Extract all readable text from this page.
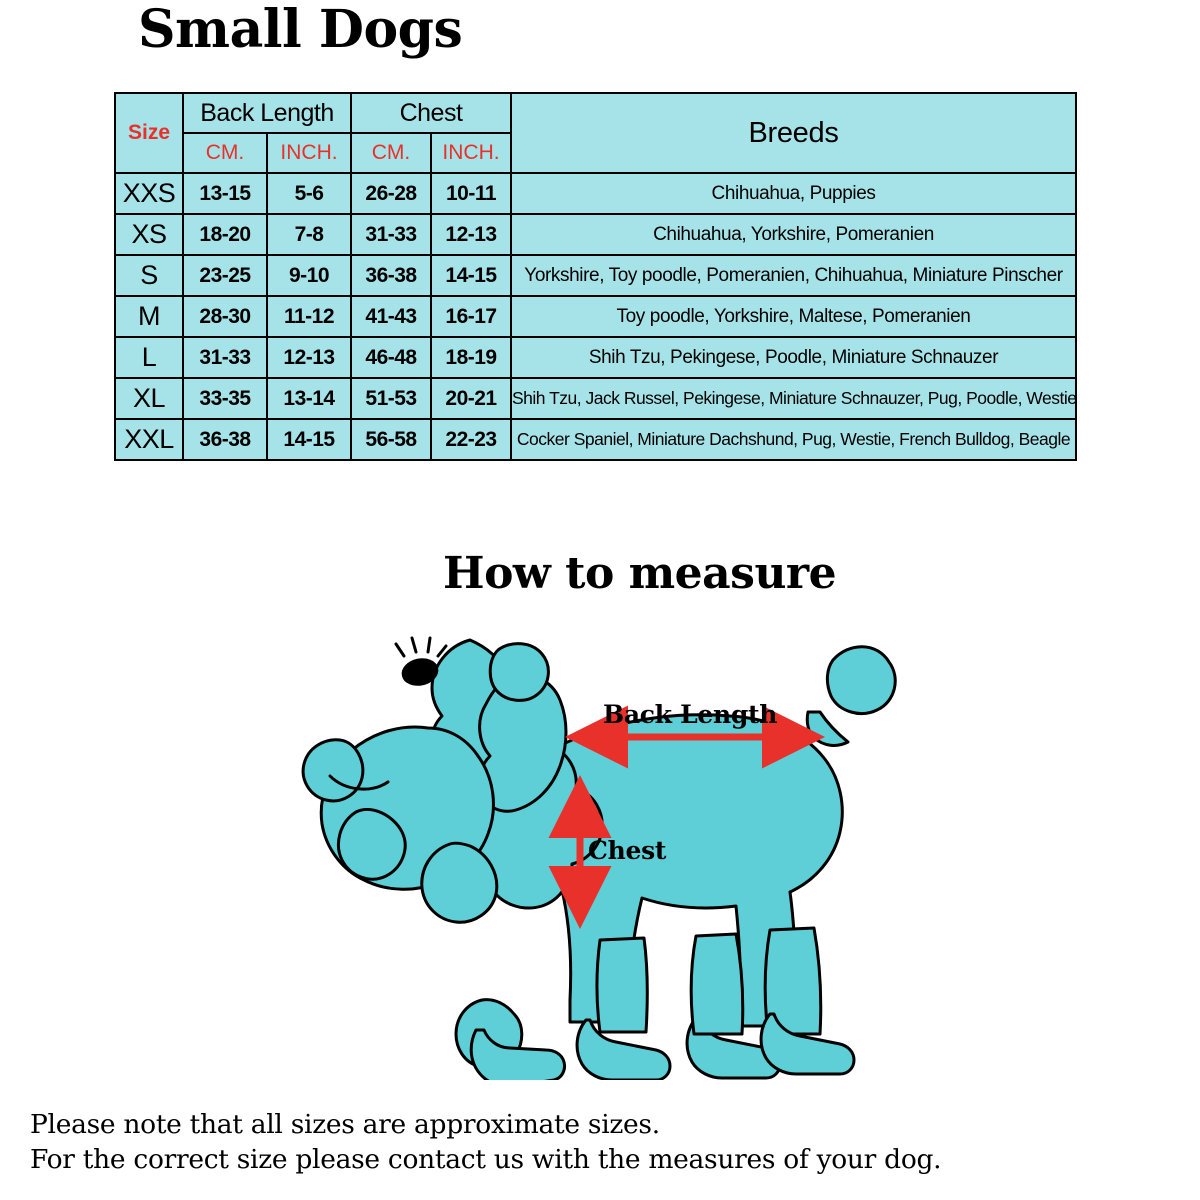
Small Dogs
Size	Back Length		Chest		Breeds
	CM.	INCH.	CM.	INCH.	
XXS	13-15	5-6	26-28	10-11	Chihuahua, Puppies
XS	18-20	7-8	31-33	12-13	Chihuahua, Yorkshire, Pomeranien
S	23-25	9-10	36-38	14-15	Yorkshire, Toy poodle, Pomeranien, Chihuahua, Miniature Pinscher
M	28-30	11-12	41-43	16-17	Toy poodle, Yorkshire, Maltese, Pomeranien
L	31-33	12-13	46-48	18-19	Shih Tzu, Pekingese, Poodle, Miniature Schnauzer
XL	33-35	13-14	51-53	20-21	Shih Tzu, Jack Russel, Pekingese, Miniature Schnauzer, Pug, Poodle, Westie
XXL	36-38	14-15	56-58	22-23	Cocker Spaniel, Miniature Dachshund, Pug, Westie, French Bulldog, Beagle
How to measure
Back Length
Chest
Please note that all sizes are approximate sizes.
For the correct size please contact us with the measures of your dog.
